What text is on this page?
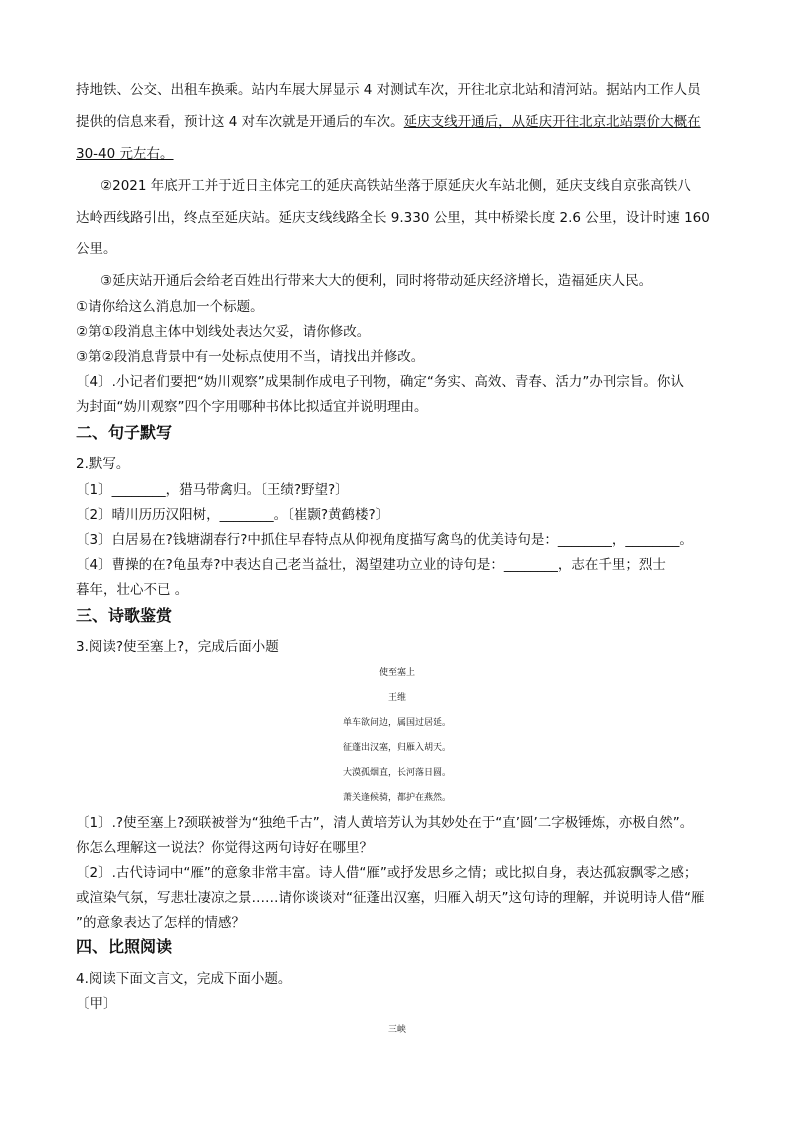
持地铁、公交、出租车换乘。站内车展大屏显示 4 对测试车次，开往北京北站和清河站。据站内工作人员
提供的信息来看，预计这 4 对车次就是开通后的车次。延庆支线开通后，从延庆开往北京北站票价大概在
30-40 元左右。
②2021 年底开工并于近日主体完工的延庆高铁站坐落于原延庆火车站北侧，延庆支线自京张高铁八
达岭西线路引出，终点至延庆站。延庆支线线路全长 9.330 公里，其中桥梁长度 2.6 公里，设计时速 160
公里。
③延庆站开通后会给老百姓出行带来大大的便利，同时将带动延庆经济增长，造福延庆人民。
①请你给这么消息加一个标题。
②第①段消息主体中划线处表达欠妥，请你修改。
③第②段消息背景中有一处标点使用不当，请找出并修改。
〔4〕.小记者们要把“妫川观察”成果制作成电子刊物，确定“务实、高效、青春、活力”办刊宗旨。你认
为封面“妫川观察”四个字用哪种书体比拟适宜并说明理由。
二、句子默写
2.默写。
〔1〕________，猎马带禽归。〔王绩?野望?〕
〔2〕晴川历历汉阳树，________。〔崔颢?黄鹤楼?〕
〔3〕白居易在?钱塘湖春行?中抓住早春特点从仰视角度描写禽鸟的优美诗句是：________，________。
〔4〕曹操的在?龟虽寿?中表达自己老当益壮，渴望建功立业的诗句是：________，志在千里；烈士
暮年，壮心不已 。
三、诗歌鉴赏
3.阅读?使至塞上?，完成后面小题
使至塞上
王维
单车欲问边，属国过居延。
征蓬出汉塞，归雁入胡天。
大漠孤烟直，长河落日圆。
萧关逢候骑，都护在燕然。
〔1〕.?使至塞上?颈联被誉为“独绝千古”，清人黄培芳认为其妙处在于“直’圆’二字极锤炼，亦极自然”。
你怎么理解这一说法？你觉得这两句诗好在哪里？
〔2〕.古代诗词中“雁”的意象非常丰富。诗人借“雁”或抒发思乡之情；或比拟自身，表达孤寂飘零之感；
或渲染气氛，写悲壮凄凉之景……请你谈谈对“征蓬出汉塞，归雁入胡天”这句诗的理解，并说明诗人借“雁
”的意象表达了怎样的情感？
四、比照阅读
4.阅读下面文言文，完成下面小题。
〔甲〕
三峡
